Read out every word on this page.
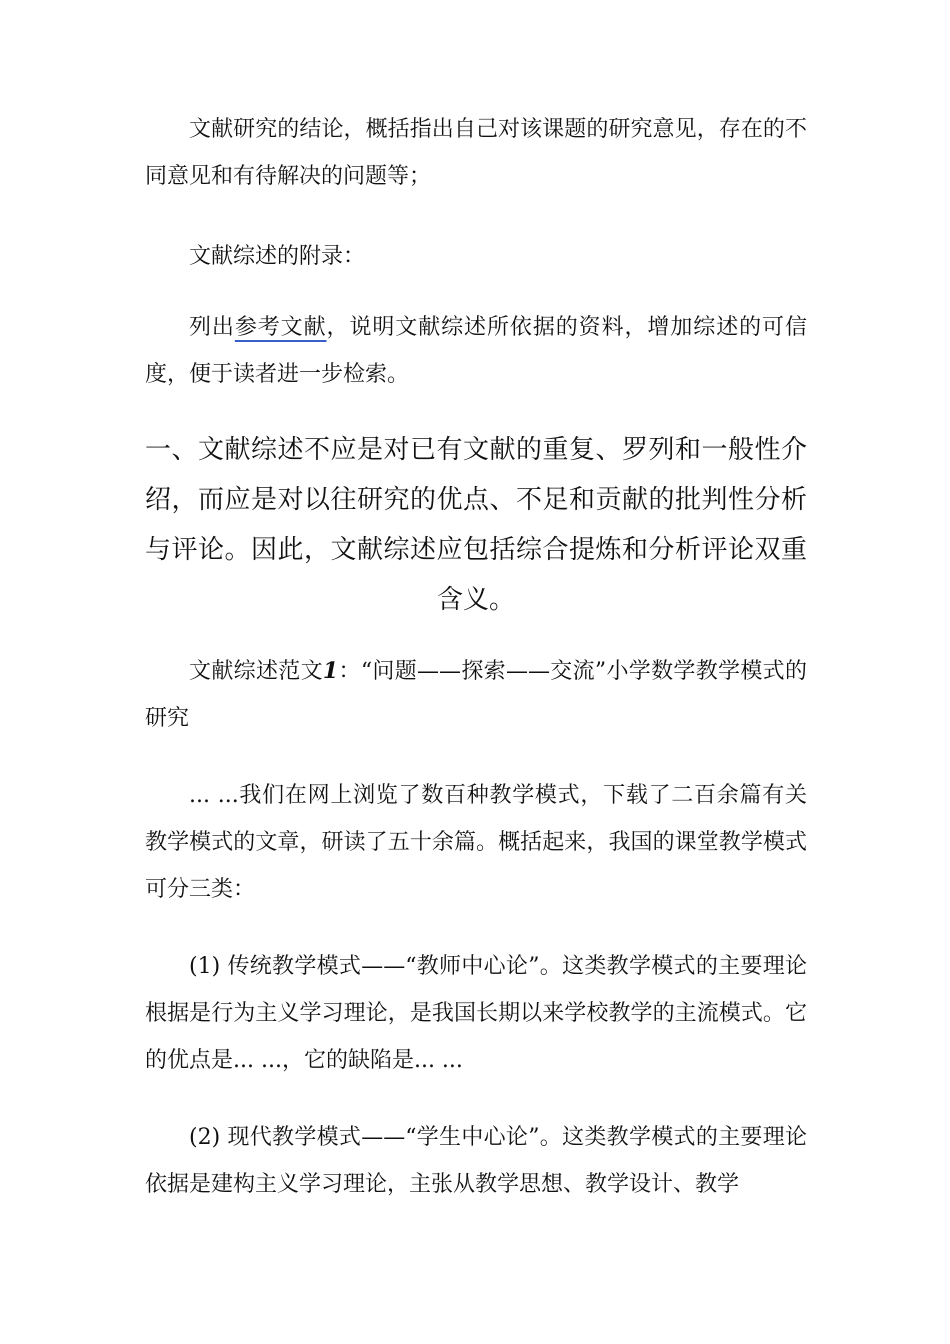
文献研究的结论，概括指出自己对该课题的研究意见，存在的不同意见和有待解决的问题等；

文献综述的附录：

列出参考文献，说明文献综述所依据的资料，增加综述的可信度，便于读者进一步检索。

一、文献综述不应是对已有文献的重复、罗列和一般性介绍，而应是对以往研究的优点、不足和贡献的批判性分析与评论。因此，文献综述应包括综合提炼和分析评论双重含义。

文献综述范文1：“问题——探索——交流”小学数学教学模式的研究

... ...我们在网上浏览了数百种教学模式，下载了二百余篇有关教学模式的文章，研读了五十余篇。概括起来，我国的课堂教学模式可分三类：

(1) 传统教学模式——“教师中心论”。这类教学模式的主要理论根据是行为主义学习理论，是我国长期以来学校教学的主流模式。它的优点是... ...，它的缺陷是... ...

(2) 现代教学模式——“学生中心论”。这类教学模式的主要理论依据是建构主义学习理论，主张从教学思想、教学设计、教学
